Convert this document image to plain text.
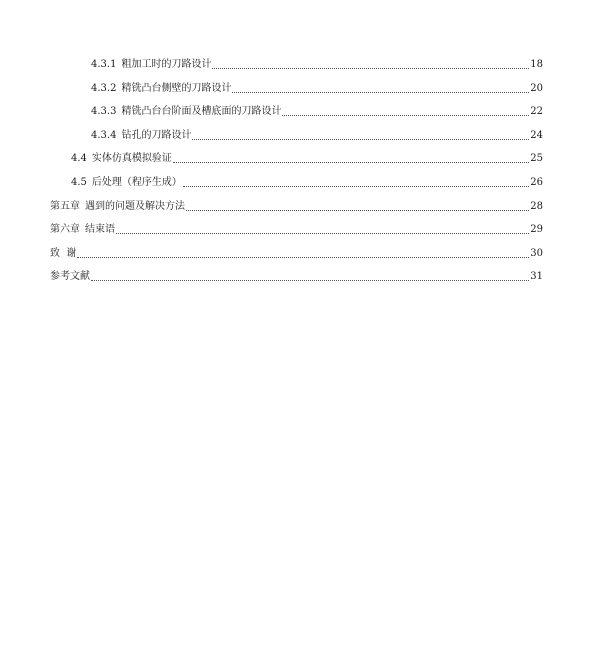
4.3.1 粗加工时的刀路设计	18
4.3.2 精铣凸台侧壁的刀路设计	20
4.3.3 精铣凸台台阶面及槽底面的刀路设计	22
4.3.4 钻孔的刀路设计	24
4.4 实体仿真模拟验证	25
4.5 后处理（程序生成）	26
第五章 遇到的问题及解决方法	28
第六章 结束语	29
致  谢	30
参考文献	31
